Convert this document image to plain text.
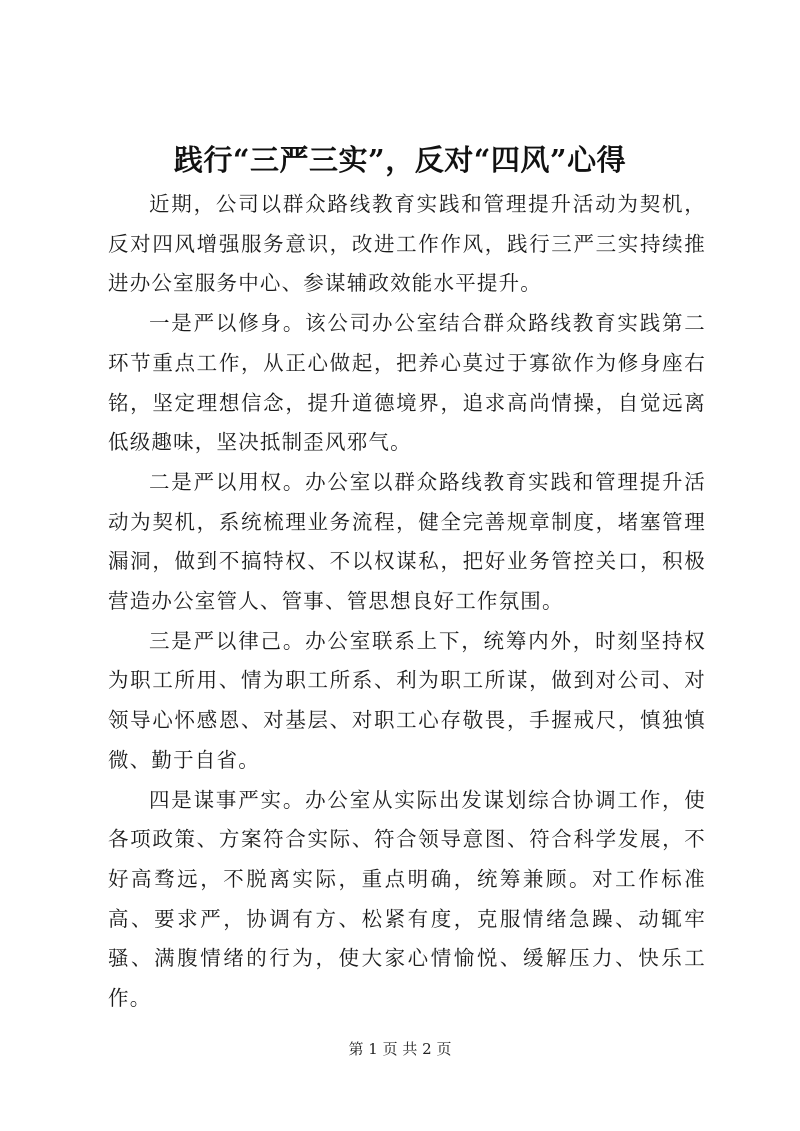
践行“三严三实”，反对“四风”心得

近期，公司以群众路线教育实践和管理提升活动为契机，反对四风增强服务意识，改进工作作风，践行三严三实持续推进办公室服务中心、参谋辅政效能水平提升。

一是严以修身。该公司办公室结合群众路线教育实践第二环节重点工作，从正心做起，把养心莫过于寡欲作为修身座右铭，坚定理想信念，提升道德境界，追求高尚情操，自觉远离低级趣味，坚决抵制歪风邪气。

二是严以用权。办公室以群众路线教育实践和管理提升活动为契机，系统梳理业务流程，健全完善规章制度，堵塞管理漏洞，做到不搞特权、不以权谋私，把好业务管控关口，积极营造办公室管人、管事、管思想良好工作氛围。

三是严以律己。办公室联系上下，统筹内外，时刻坚持权为职工所用、情为职工所系、利为职工所谋，做到对公司、对领导心怀感恩、对基层、对职工心存敬畏，手握戒尺，慎独慎微、勤于自省。

四是谋事严实。办公室从实际出发谋划综合协调工作，使各项政策、方案符合实际、符合领导意图、符合科学发展，不好高骛远，不脱离实际，重点明确，统筹兼顾。对工作标准高、要求严，协调有方、松紧有度，克服情绪急躁、动辄牢骚、满腹情绪的行为，使大家心情愉悦、缓解压力、快乐工作。

第 1 页 共 2 页
